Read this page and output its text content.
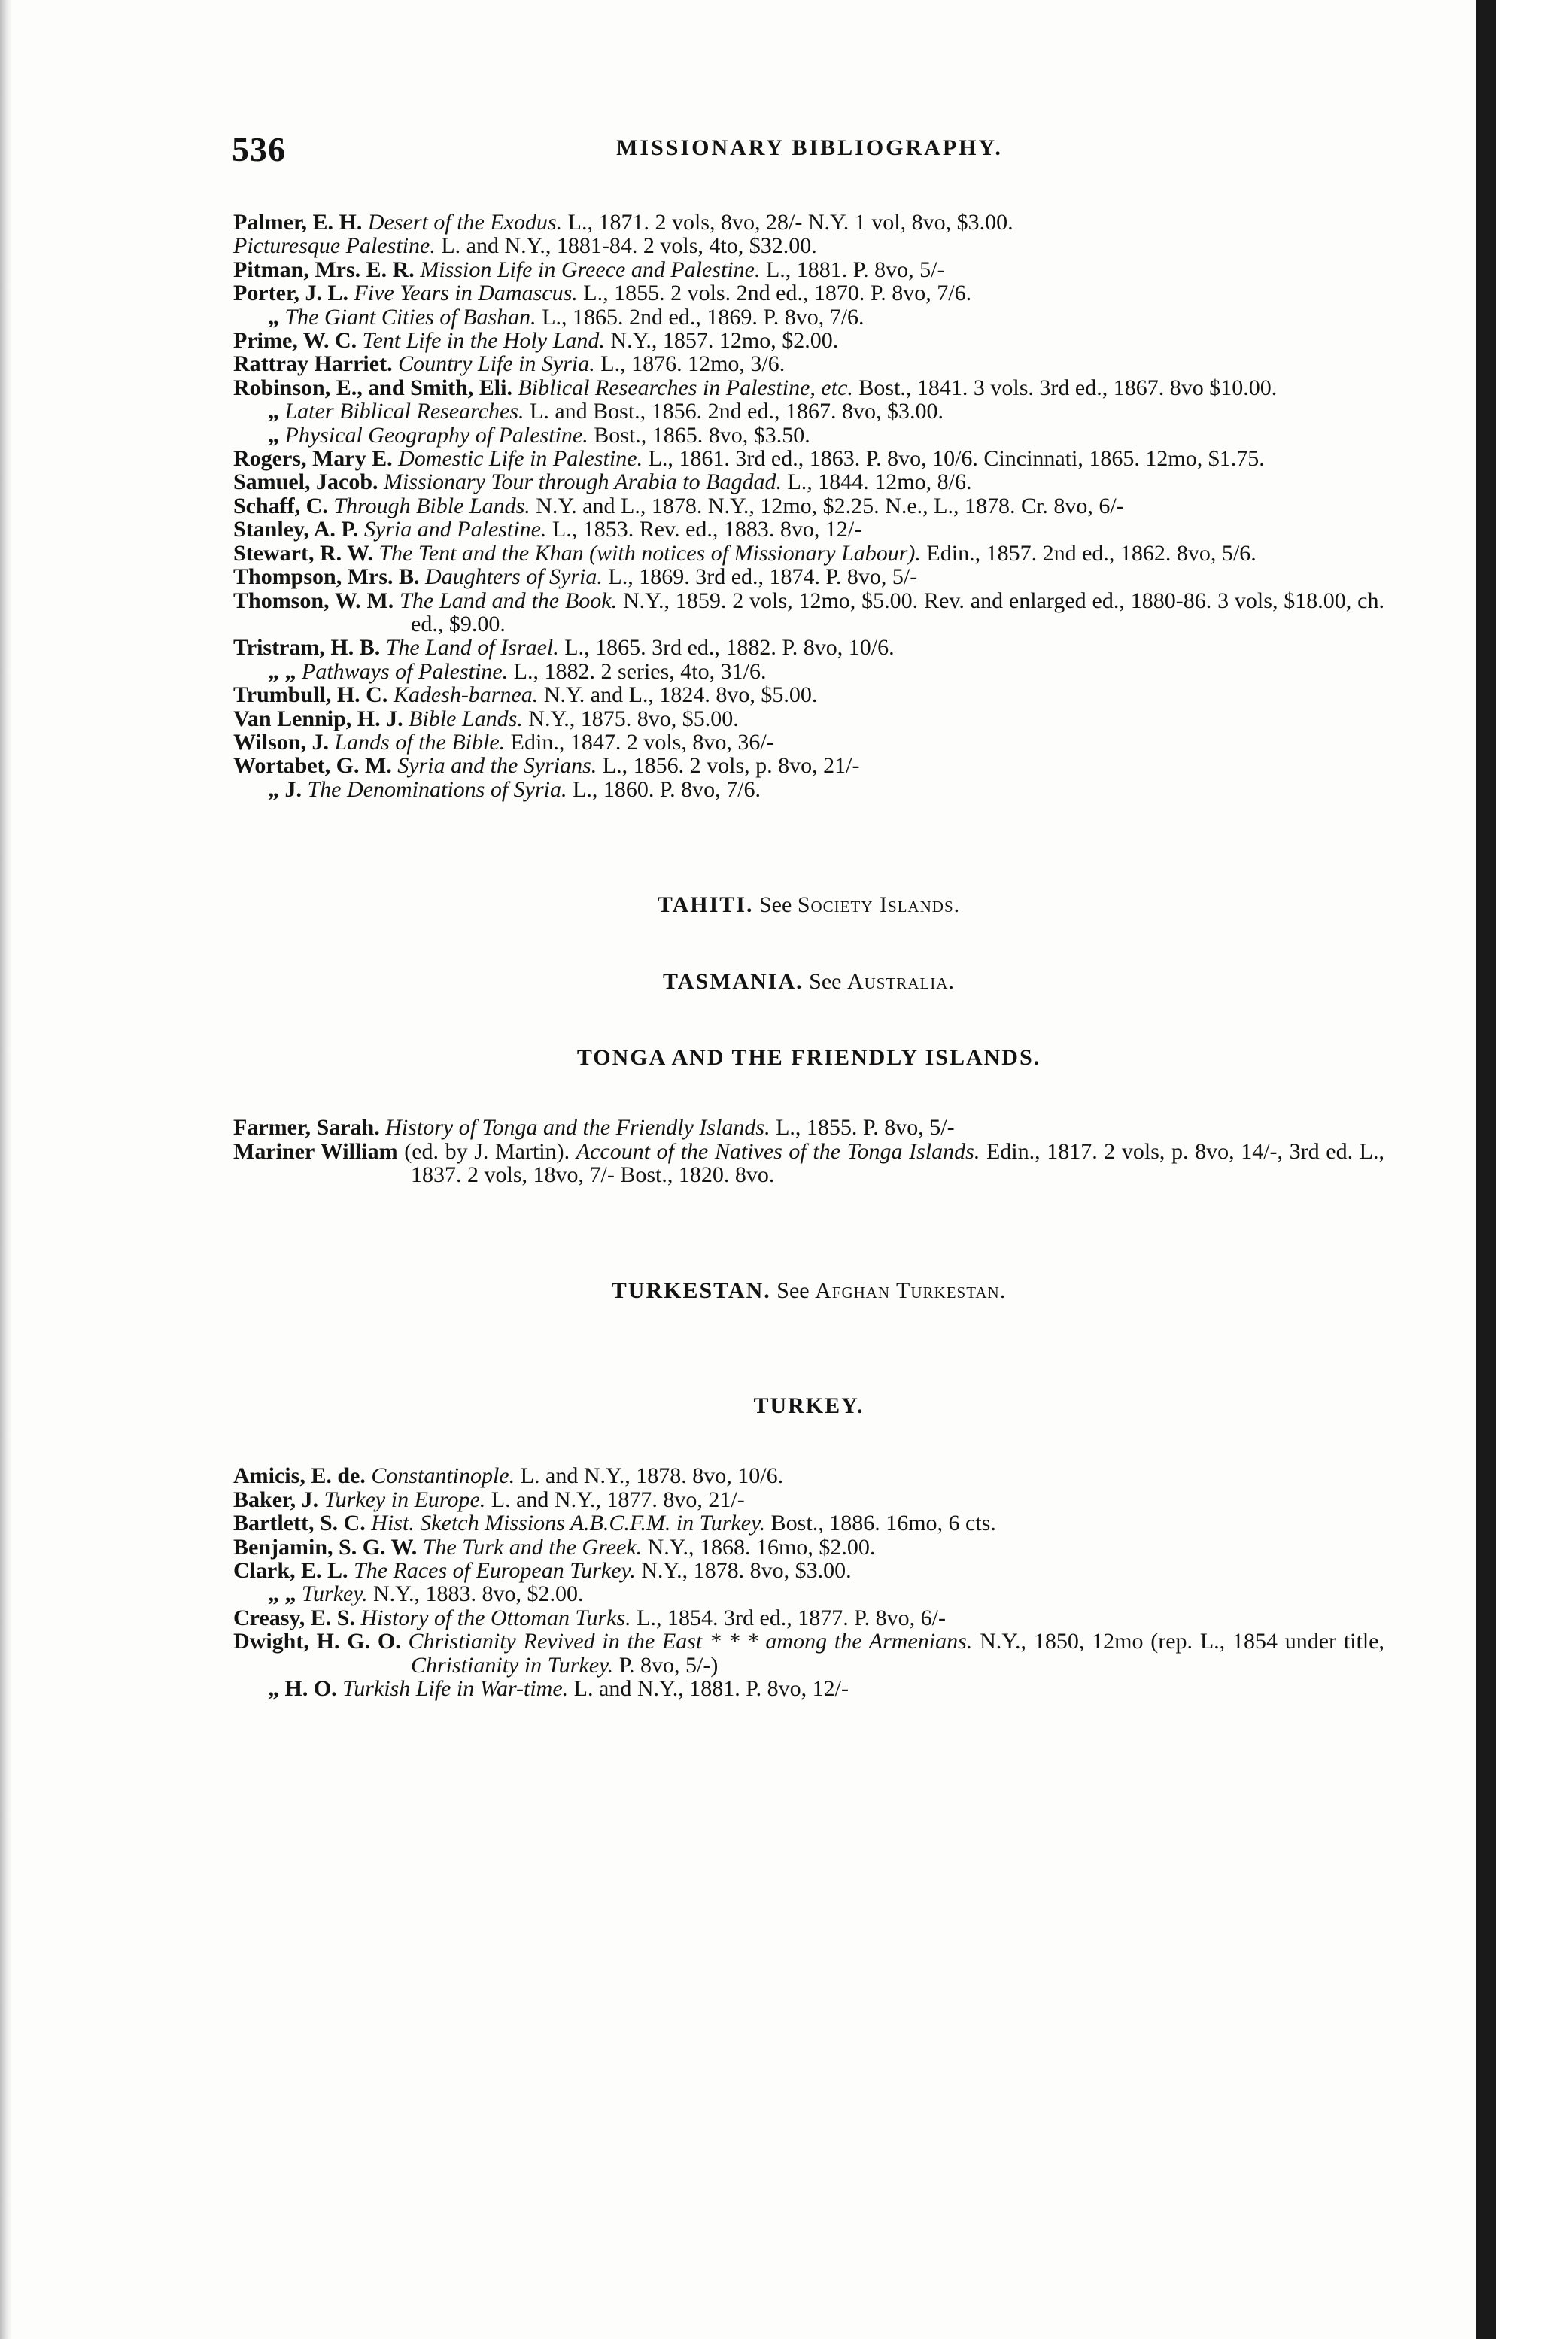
536	MISSIONARY BIBLIOGRAPHY.
Palmer, E. H. Desert of the Exodus. L., 1871. 2 vols, 8vo, 28/- N.Y. 1 vol, 8vo, $3.00.
Picturesque Palestine. L. and N.Y., 1881-84. 2 vols, 4to, $32.00.
Pitman, Mrs. E. R. Mission Life in Greece and Palestine. L., 1881. P. 8vo, 5/-
Porter, J. L. Five Years in Damascus. L., 1855. 2 vols. 2nd ed., 1870. P. 8vo, 7/6.
„ The Giant Cities of Bashan. L., 1865. 2nd ed., 1869. P. 8vo, 7/6.
Prime, W. C. Tent Life in the Holy Land. N.Y., 1857. 12mo, $2.00.
Rattray Harriet. Country Life in Syria. L., 1876. 12mo, 3/6.
Robinson, E., and Smith, Eli. Biblical Researches in Palestine, etc. Bost., 1841. 3 vols. 3rd ed., 1867. 8vo $10.00.
„ Later Biblical Researches. L. and Bost., 1856. 2nd ed., 1867. 8vo, $3.00.
„ Physical Geography of Palestine. Bost., 1865. 8vo, $3.50.
Rogers, Mary E. Domestic Life in Palestine. L., 1861. 3rd ed., 1863. P. 8vo, 10/6. Cincinnati, 1865. 12mo, $1.75.
Samuel, Jacob. Missionary Tour through Arabia to Bagdad. L., 1844. 12mo, 8/6.
Schaff, C. Through Bible Lands. N.Y. and L., 1878. N.Y., 12mo, $2.25. N.e., L., 1878. Cr. 8vo, 6/-
Stanley, A. P. Syria and Palestine. L., 1853. Rev. ed., 1883. 8vo, 12/-
Stewart, R. W. The Tent and the Khan (with notices of Missionary Labour). Edin., 1857. 2nd ed., 1862. 8vo, 5/6.
Thompson, Mrs. B. Daughters of Syria. L., 1869. 3rd ed., 1874. P. 8vo, 5/-
Thomson, W. M. The Land and the Book. N.Y., 1859. 2 vols, 12mo, $5.00. Rev. and enlarged ed., 1880-86. 3 vols, $18.00, ch. ed., $9.00.
Tristram, H. B. The Land of Israel. L., 1865. 3rd ed., 1882. P. 8vo, 10/6.
„ „ Pathways of Palestine. L., 1882. 2 series, 4to, 31/6.
Trumbull, H. C. Kadesh-barnea. N.Y. and L., 1824. 8vo, $5.00.
Van Lennip, H. J. Bible Lands. N.Y., 1875. 8vo, $5.00.
Wilson, J. Lands of the Bible. Edin., 1847. 2 vols, 8vo, 36/-
Wortabet, G. M. Syria and the Syrians. L., 1856. 2 vols, p. 8vo, 21/-
„ J. The Denominations of Syria. L., 1860. P. 8vo, 7/6.
TAHITI. See Society Islands.
TASMANIA. See Australia.
TONGA AND THE FRIENDLY ISLANDS.
Farmer, Sarah. History of Tonga and the Friendly Islands. L., 1855. P. 8vo, 5/-
Mariner William (ed. by J. Martin). Account of the Natives of the Tonga Islands. Edin., 1817. 2 vols, p. 8vo, 14/-, 3rd ed. L., 1837. 2 vols, 18vo, 7/- Bost., 1820. 8vo.
TURKESTAN. See Afghan Turkestan.
TURKEY.
Amicis, E. de. Constantinople. L. and N.Y., 1878. 8vo, 10/6.
Baker, J. Turkey in Europe. L. and N.Y., 1877. 8vo, 21/-
Bartlett, S. C. Hist. Sketch Missions A.B.C.F.M. in Turkey. Bost., 1886. 16mo, 6 cts.
Benjamin, S. G. W. The Turk and the Greek. N.Y., 1868. 16mo, $2.00.
Clark, E. L. The Races of European Turkey. N.Y., 1878. 8vo, $3.00.
„ „ Turkey. N.Y., 1883. 8vo, $2.00.
Creasy, E. S. History of the Ottoman Turks. L., 1854. 3rd ed., 1877. P. 8vo, 6/-
Dwight, H. G. O. Christianity Revived in the East * * * among the Armenians. N.Y., 1850, 12mo (rep. L., 1854 under title, Christianity in Turkey. P. 8vo, 5/-)
„ H. O. Turkish Life in War-time. L. and N.Y., 1881. P. 8vo, 12/-
